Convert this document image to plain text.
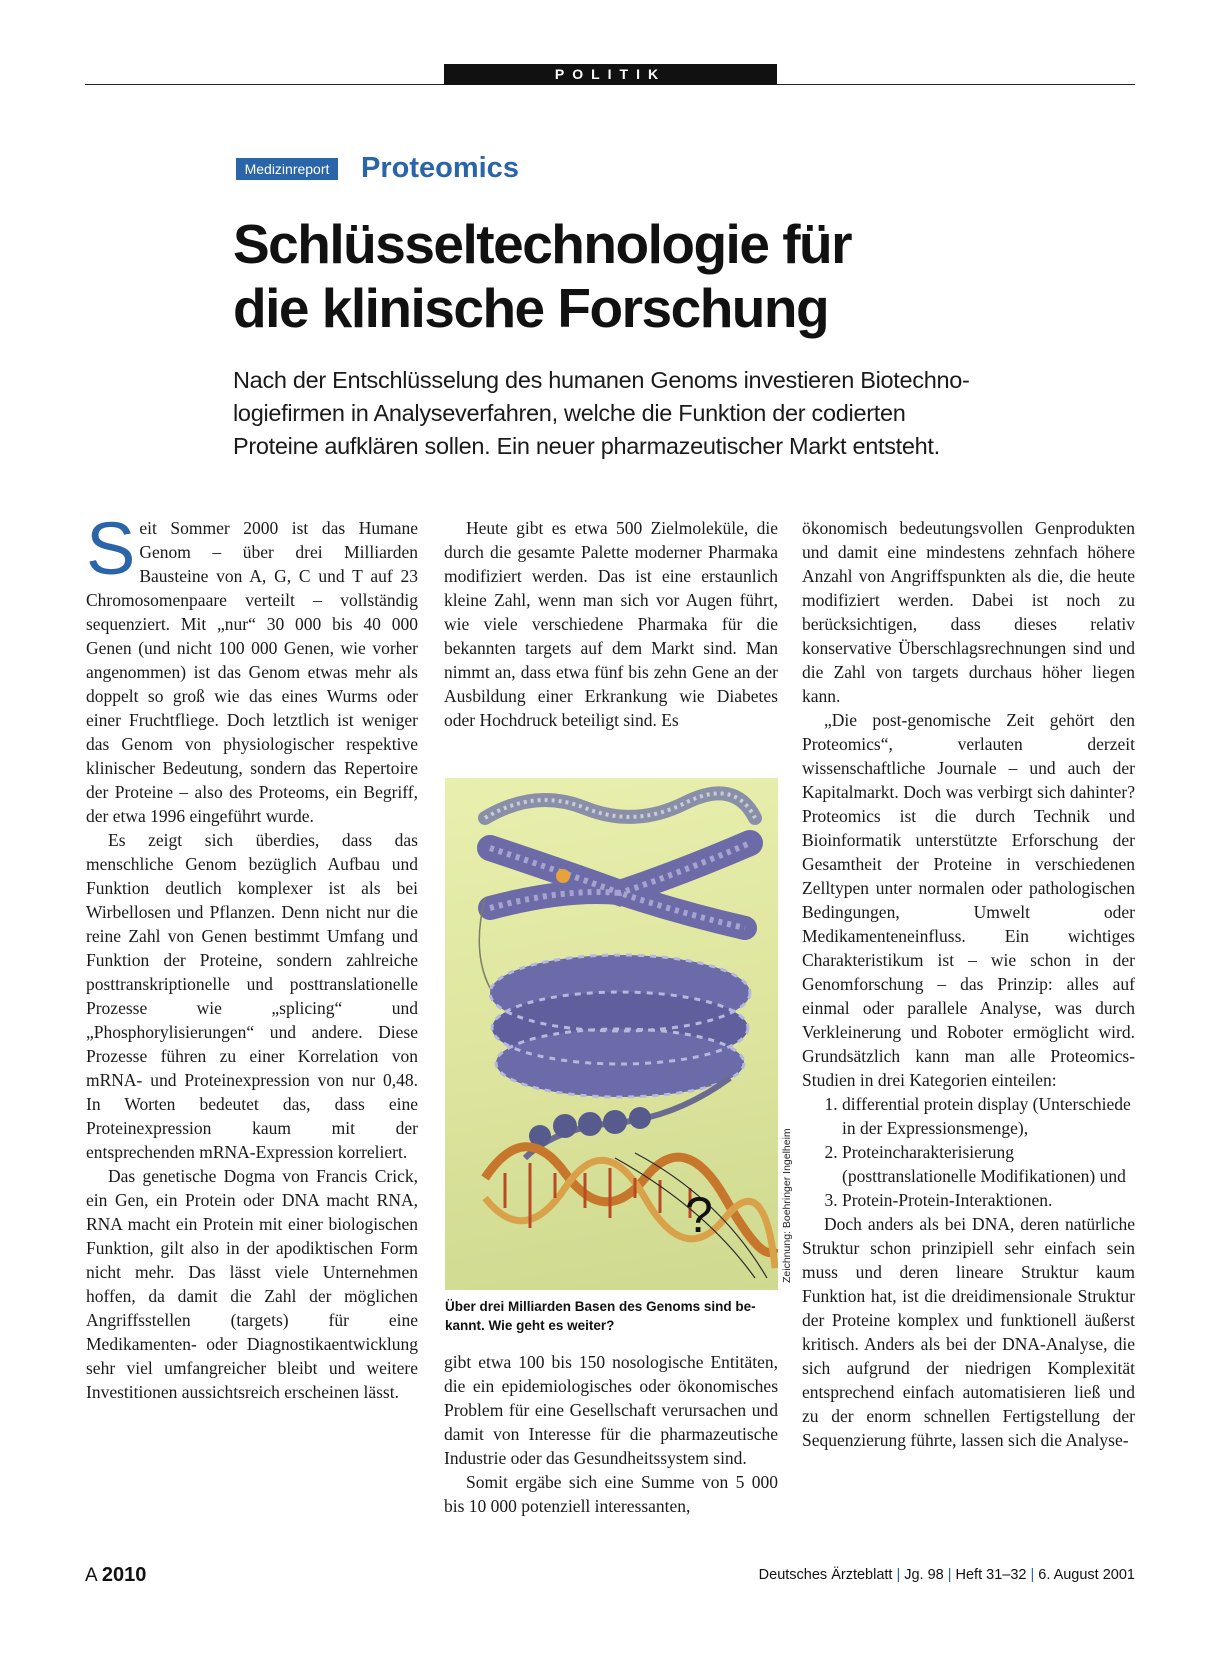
POLITIK
Medizinreport Proteomics
Schlüsseltechnologie für
die klinische Forschung
Nach der Entschlüsselung des humanen Genoms investieren Biotechno-
logiefirmen in Analyseverfahren, welche die Funktion der codierten
Proteine aufklären sollen. Ein neuer pharmazeutischer Markt entsteht.

Seit Sommer 2000 ist das Humane Genom – über drei Milliarden Bausteine von A, G, C und T auf 23 Chromosomenpaare verteilt – vollständig sequenziert. Mit „nur“ 30 000 bis 40 000 Genen (und nicht 100 000 Genen, wie vorher angenommen) ist das Genom etwas mehr als doppelt so groß wie das eines Wurms oder einer Fruchtfliege. Doch letztlich ist weniger das Genom von physiologischer respektive klinischer Bedeutung, sondern das Repertoire der Proteine – also des Proteoms, ein Begriff, der etwa 1996 eingeführt wurde.

Es zeigt sich überdies, dass das menschliche Genom bezüglich Aufbau und Funktion deutlich komplexer ist als bei Wirbellosen und Pflanzen. Denn nicht nur die reine Zahl von Genen bestimmt Umfang und Funktion der Proteine, sondern zahlreiche posttranskriptionelle und posttranslationelle Prozesse wie „splicing“ und „Phosphorylisierungen“ und andere. Diese Prozesse führen zu einer Korrelation von mRNA- und Proteinexpression von nur 0,48. In Worten bedeutet das, dass eine Proteinexpression kaum mit der entsprechenden mRNA-Expression korreliert.

Das genetische Dogma von Francis Crick, ein Gen, ein Protein oder DNA macht RNA, RNA macht ein Protein mit einer biologischen Funktion, gilt also in der apodiktischen Form nicht mehr. Das lässt viele Unternehmen hoffen, da damit die Zahl der möglichen Angriffsstellen (targets) für eine Medikamenten- oder Diagnostikaentwicklung sehr viel umfangreicher bleibt und weitere Investitionen aussichtsreich erscheinen lässt.

Heute gibt es etwa 500 Zielmoleküle, die durch die gesamte Palette moderner Pharmaka modifiziert werden. Das ist eine erstaunlich kleine Zahl, wenn man sich vor Augen führt, wie viele verschiedene Pharmaka für die bekannten targets auf dem Markt sind. Man nimmt an, dass etwa fünf bis zehn Gene an der Ausbildung einer Erkrankung wie Diabetes oder Hochdruck beteiligt sind. Es

?	Zeichnung: Boehringer Ingelheim
Über drei Milliarden Basen des Genoms sind be-
kannt. Wie geht es weiter?

gibt etwa 100 bis 150 nosologische Entitäten, die ein epidemiologisches oder ökonomisches Problem für eine Gesellschaft verursachen und damit von Interesse für die pharmazeutische Industrie oder das Gesundheitssystem sind.

Somit ergäbe sich eine Summe von 5 000 bis 10 000 potenziell interessanten,

ökonomisch bedeutungsvollen Genprodukten und damit eine mindestens zehnfach höhere Anzahl von Angriffspunkten als die, die heute modifiziert werden. Dabei ist noch zu berücksichtigen, dass dieses relativ konservative Überschlagsrechnungen sind und die Zahl von targets durchaus höher liegen kann.

„Die post-genomische Zeit gehört den Proteomics“, verlauten derzeit wissenschaftliche Journale – und auch der Kapitalmarkt. Doch was verbirgt sich dahinter? Proteomics ist die durch Technik und Bioinformatik unterstützte Erforschung der Gesamtheit der Proteine in verschiedenen Zelltypen unter normalen oder pathologischen Bedingungen, Umwelt oder Medikamenteneinfluss. Ein wichtiges Charakteristikum ist – wie schon in der Genomforschung – das Prinzip: alles auf einmal oder parallele Analyse, was durch Verkleinerung und Roboter ermöglicht wird. Grundsätzlich kann man alle Proteomics-Studien in drei Kategorien einteilen:

1. differential protein display (Unterschiede in der Expressionsmenge),
2. Proteincharakterisierung (posttranslationelle Modifikationen) und
3. Protein-Protein-Interaktionen.

Doch anders als bei DNA, deren natürliche Struktur schon prinzipiell sehr einfach sein muss und deren lineare Struktur kaum Funktion hat, ist die dreidimensionale Struktur der Proteine komplex und funktionell äußerst kritisch. Anders als bei der DNA-Analyse, die sich aufgrund der niedrigen Komplexität entsprechend einfach automatisieren ließ und zu der enorm schnellen Fertigstellung der Sequenzierung führte, lassen sich die Analyse-

A 2010	Deutsches Ärzteblatt | Jg. 98 | Heft 31–32 | 6. August 2001
